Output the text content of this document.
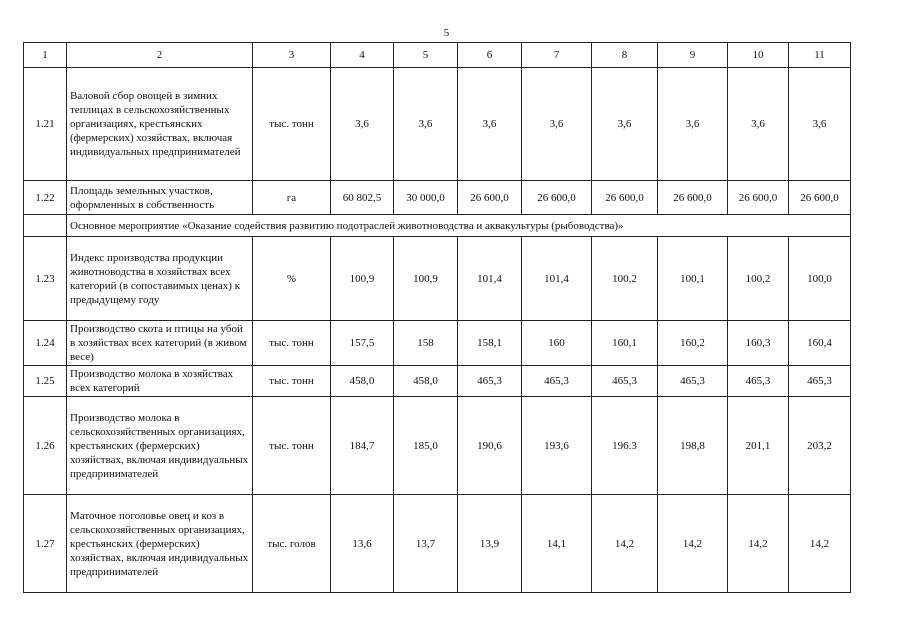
5
1	2	3	4	5	6	7	8	9	10	11
1.21	Валовой сбор овощей в зимних теплицах в сельскохозяйственных организациях, крестьянских (фермерских) хозяйствах, включая индивидуальных предпринимателей	тыс. тонн	3,6	3,6	3,6	3,6	3,6	3,6	3,6	3,6
1.22	Площадь земельных участков, оформленных в собственность	га	60 802,5	30 000,0	26 600,0	26 600,0	26 600,0	26 600,0	26 600,0	26 600,0
	Основное мероприятие «Оказание содействия развитию подотраслей животноводства и аквакультуры (рыбоводства)»									
1.23	Индекс производства продукции животноводства в хозяйствах всех категорий (в сопоставимых ценах) к предыдущему году	%	100,9	100,9	101,4	101,4	100,2	100,1	100,2	100,0
1.24	Производство скота и птицы на убой в хозяйствах всех категорий (в живом весе)	тыс. тонн	157,5	158	158,1	160	160,1	160,2	160,3	160,4
1.25	Производство молока в хозяйствах всех категорий	тыс. тонн	458,0	458,0	465,3	465,3	465,3	465,3	465,3	465,3
1.26	Производство молока в сельскохозяйственных организациях, крестьянских (фермерских) хозяйствах, включая индивидуальных предпринимателей	тыс. тонн	184,7	185,0	190,6	193,6	196.3	198,8	201,1	203,2
1.27	Маточное поголовье овец и коз в сельскохозяйственных организациях, крестьянских (фермерских) хозяйствах, включая индивидуальных предпринимателей	тыс. голов	13,6	13,7	13,9	14,1	14,2	14,2	14,2	14,2
